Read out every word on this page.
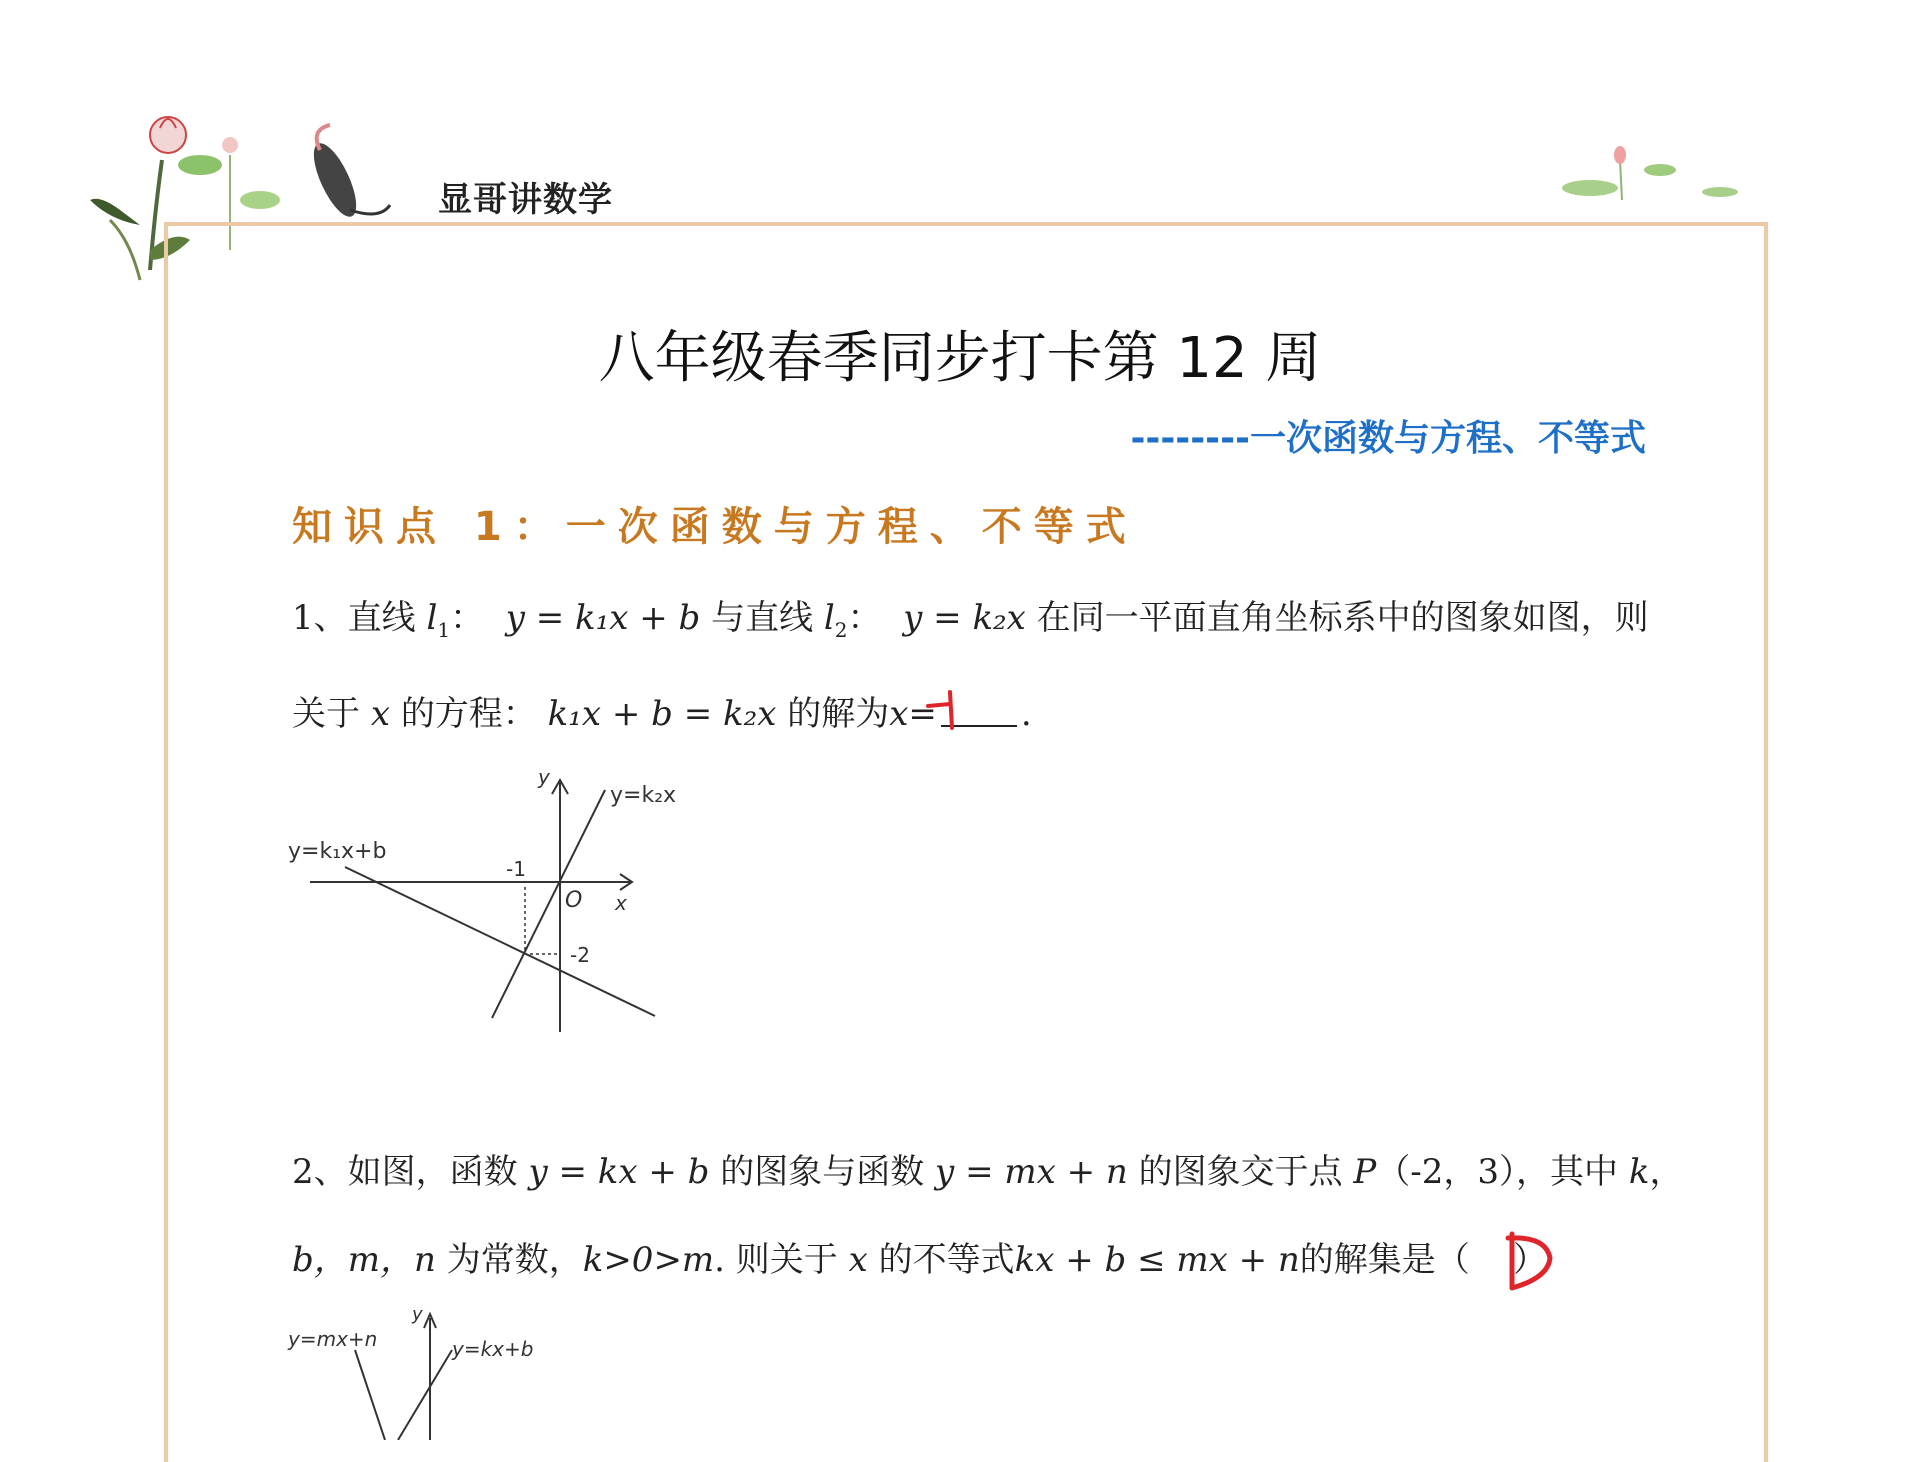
显哥讲数学
八年级春季同步打卡第 12 周
--------一次函数与方程、不等式
知识点 1：一次函数与方程、不等式
1、直线 $l_1$：  y = k₁x + b 与直线 $l_2$：  y = k₂x 在同一平面直角坐标系中的图象如图，则
关于 x 的方程： k₁x + b = k₂x 的解为x= .
y=k₂x
y=k₁x+b
y
x
O
-1
-2
2、如图，函数 y = kx + b 的图象与函数 y = mx + n 的图象交于点 P（-2，3），其中 k，
b，m，n 为常数，k>0>m. 则关于 x 的不等式kx + b ≤ mx + n的解集是（ ）
y
y=mx+n	y=kx+b
